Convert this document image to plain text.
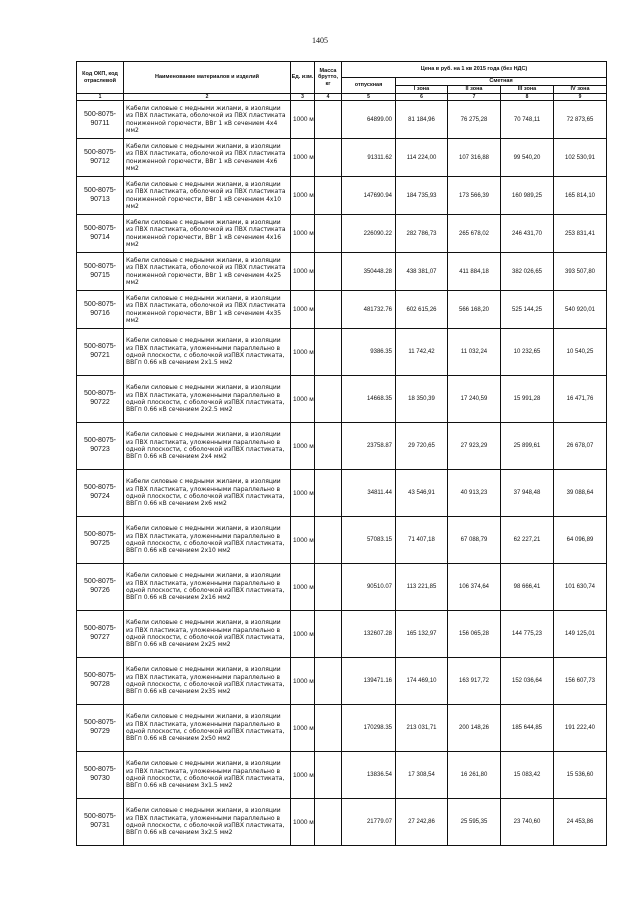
1405
Код ОКП, код отраслевой	Наименование материалов и изделий	Ед. изм.	Масса брутто, кг	Цена в руб. на 1 кв 2015 года (без НДС)				
				отпускная	Сметная			
					I зона	II зона	III зона	IV зона
1	2	3	4	5	6	7	8	9
500-8075-90711	Кабели силовые с медными жилами, в изоляции из ПВХ пластиката, оболочкой из ПВХ пластиката пониженной горючести, ВВг 1 кВ сечением 4х4 мм2	1000 м		64899.00	81 184,96	76 275,28	70 748,11	72 873,65
500-8075-90712	Кабели силовые с медными жилами, в изоляции из ПВХ пластиката, оболочкой из ПВХ пластиката пониженной горючести, ВВг 1 кВ сечением 4х6 мм2	1000 м		91311.62	114 224,00	107 316,88	99 540,20	102 530,91
500-8075-90713	Кабели силовые с медными жилами, в изоляции из ПВХ пластиката, оболочкой из ПВХ пластиката пониженной горючести, ВВг 1 кВ сечением 4х10 мм2	1000 м		147690.94	184 735,93	173 566,39	160 989,25	165 814,10
500-8075-90714	Кабели силовые с медными жилами, в изоляции из ПВХ пластиката, оболочкой из ПВХ пластиката пониженной горючести, ВВг 1 кВ сечением 4х16 мм2	1000 м		226090.22	282 786,73	265 678,02	246 431,70	253 831,41
500-8075-90715	Кабели силовые с медными жилами, в изоляции из ПВХ пластиката, оболочкой из ПВХ пластиката пониженной горючести, ВВг 1 кВ сечением 4х25 мм2	1000 м		350448.28	438 381,07	411 884,18	382 026,65	393 507,80
500-8075-90716	Кабели силовые с медными жилами, в изоляции из ПВХ пластиката, оболочкой из ПВХ пластиката пониженной горючести, ВВг 1 кВ сечением 4х35 мм2	1000 м		481732.76	602 615,26	566 168,20	525 144,25	540 920,01
500-8075-90721	Кабели силовые с медными жилами, в изоляции из ПВХ пластиката, уложенными параллельно в одной плоскости, с оболочкой изПВХ пластиката, ВВГп 0.66 кВ сечением 2х1.5 мм2	1000 м		9386.35	11 742,42	11 032,24	10 232,65	10 540,25
500-8075-90722	Кабели силовые с медными жилами, в изоляции из ПВХ пластиката, уложенными параллельно в одной плоскости, с оболочкой изПВХ пластиката, ВВГп 0.66 кВ сечением 2х2.5 мм2	1000 м		14668.35	18 350,39	17 240,59	15 991,28	16 471,76
500-8075-90723	Кабели силовые с медными жилами, в изоляции из ПВХ пластиката, уложенными параллельно в одной плоскости, с оболочкой изПВХ пластиката, ВВГп 0.66 кВ сечением 2х4 мм2	1000 м		23758.87	29 720,65	27 923,29	25 899,61	26 678,07
500-8075-90724	Кабели силовые с медными жилами, в изоляции из ПВХ пластиката, уложенными параллельно в одной плоскости, с оболочкой изПВХ пластиката, ВВГп 0.66 кВ сечением 2х6 мм2	1000 м		34811.44	43 546,91	40 913,23	37 948,48	39 088,64
500-8075-90725	Кабели силовые с медными жилами, в изоляции из ПВХ пластиката, уложенными параллельно в одной плоскости, с оболочкой изПВХ пластиката, ВВГп 0.66 кВ сечением 2х10 мм2	1000 м		57083.15	71 407,18	67 088,79	62 227,21	64 096,89
500-8075-90726	Кабели силовые с медными жилами, в изоляции из ПВХ пластиката, уложенными параллельно в одной плоскости, с оболочкой изПВХ пластиката, ВВГп 0.66 кВ сечением 2х16 мм2	1000 м		90510.07	113 221,85	106 374,64	98 666,41	101 630,74
500-8075-90727	Кабели силовые с медными жилами, в изоляции из ПВХ пластиката, уложенными параллельно в одной плоскости, с оболочкой изПВХ пластиката, ВВГп 0.66 кВ сечением 2х25 мм2	1000 м		132607.28	165 132,97	156 065,28	144 775,23	149 125,01
500-8075-90728	Кабели силовые с медными жилами, в изоляции из ПВХ пластиката, уложенными параллельно в одной плоскости, с оболочкой изПВХ пластиката, ВВГп 0.66 кВ сечением 2х35 мм2	1000 м		139471.16	174 469,10	163 917,72	152 036,64	156 607,73
500-8075-90729	Кабели силовые с медными жилами, в изоляции из ПВХ пластиката, уложенными параллельно в одной плоскости, с оболочкой изПВХ пластиката, ВВГп 0.66 кВ сечением 2х50 мм2	1000 м		170298.35	213 031,71	200 148,26	185 644,85	191 222,40
500-8075-90730	Кабели силовые с медными жилами, в изоляции из ПВХ пластиката, уложенными параллельно в одной плоскости, с оболочкой изПВХ пластиката, ВВГп 0.66 кВ сечением 3х1.5 мм2	1000 м		13836.54	17 308,54	16 261,80	15 083,42	15 536,60
500-8075-90731	Кабели силовые с медными жилами, в изоляции из ПВХ пластиката, уложенными параллельно в одной плоскости, с оболочкой изПВХ пластиката, ВВГп 0.66 кВ сечением 3х2.5 мм2	1000 м		21779.07	27 242,86	25 595,35	23 740,60	24 453,86
